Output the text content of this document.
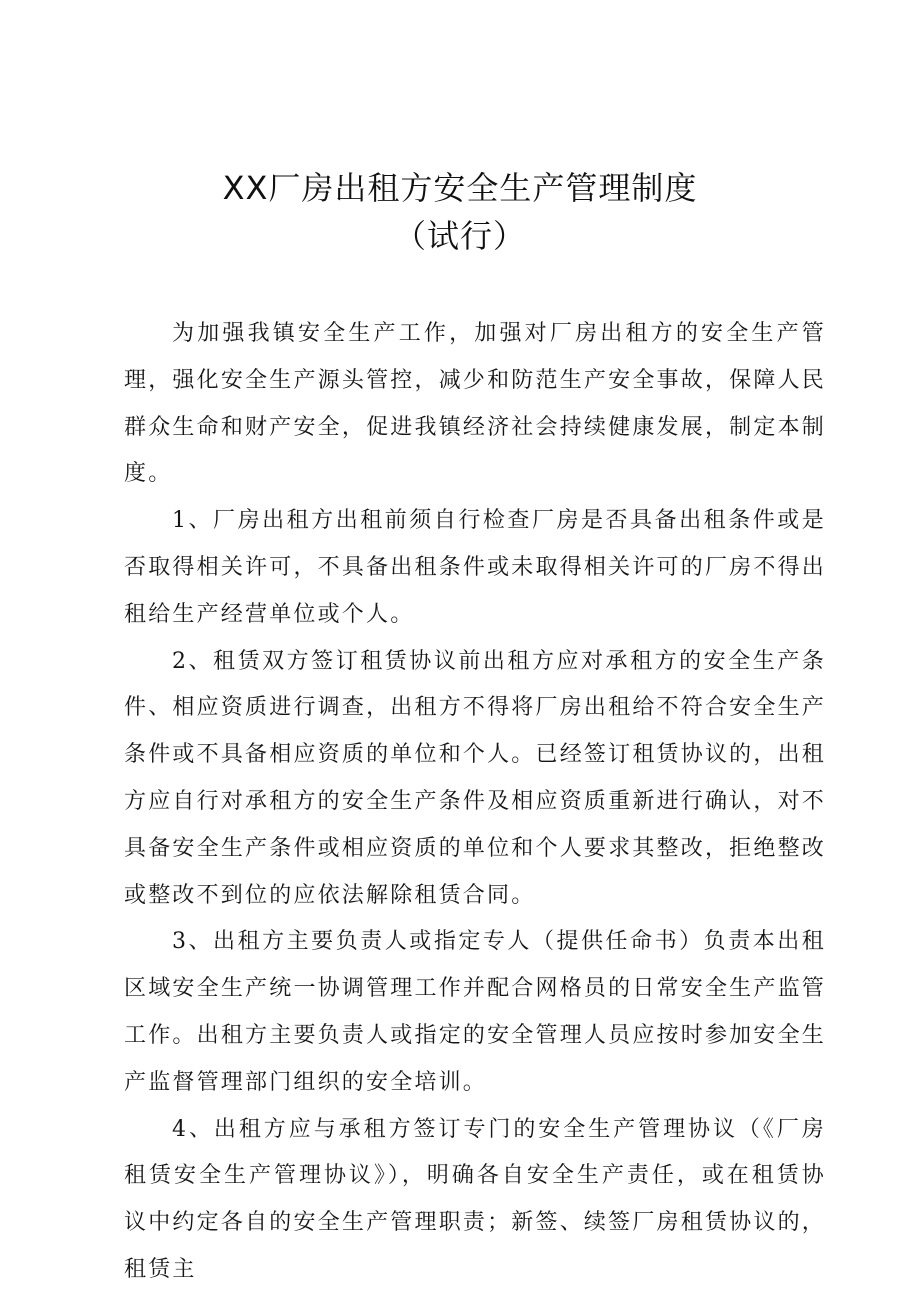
XX厂房出租方安全生产管理制度
（试行）

为加强我镇安全生产工作，加强对厂房出租方的安全生产管理，强化安全生产源头管控，减少和防范生产安全事故，保障人民群众生命和财产安全，促进我镇经济社会持续健康发展，制定本制度。

1、厂房出租方出租前须自行检查厂房是否具备出租条件或是否取得相关许可，不具备出租条件或未取得相关许可的厂房不得出租给生产经营单位或个人。

2、租赁双方签订租赁协议前出租方应对承租方的安全生产条件、相应资质进行调查，出租方不得将厂房出租给不符合安全生产条件或不具备相应资质的单位和个人。已经签订租赁协议的，出租方应自行对承租方的安全生产条件及相应资质重新进行确认，对不具备安全生产条件或相应资质的单位和个人要求其整改，拒绝整改或整改不到位的应依法解除租赁合同。

3、出租方主要负责人或指定专人（提供任命书）负责本出租区域安全生产统一协调管理工作并配合网格员的日常安全生产监管工作。出租方主要负责人或指定的安全管理人员应按时参加安全生产监督管理部门组织的安全培训。

4、出租方应与承租方签订专门的安全生产管理协议（《厂房租赁安全生产管理协议》），明确各自安全生产责任，或在租赁协议中约定各自的安全生产管理职责；新签、续签厂房租赁协议的，租赁主
